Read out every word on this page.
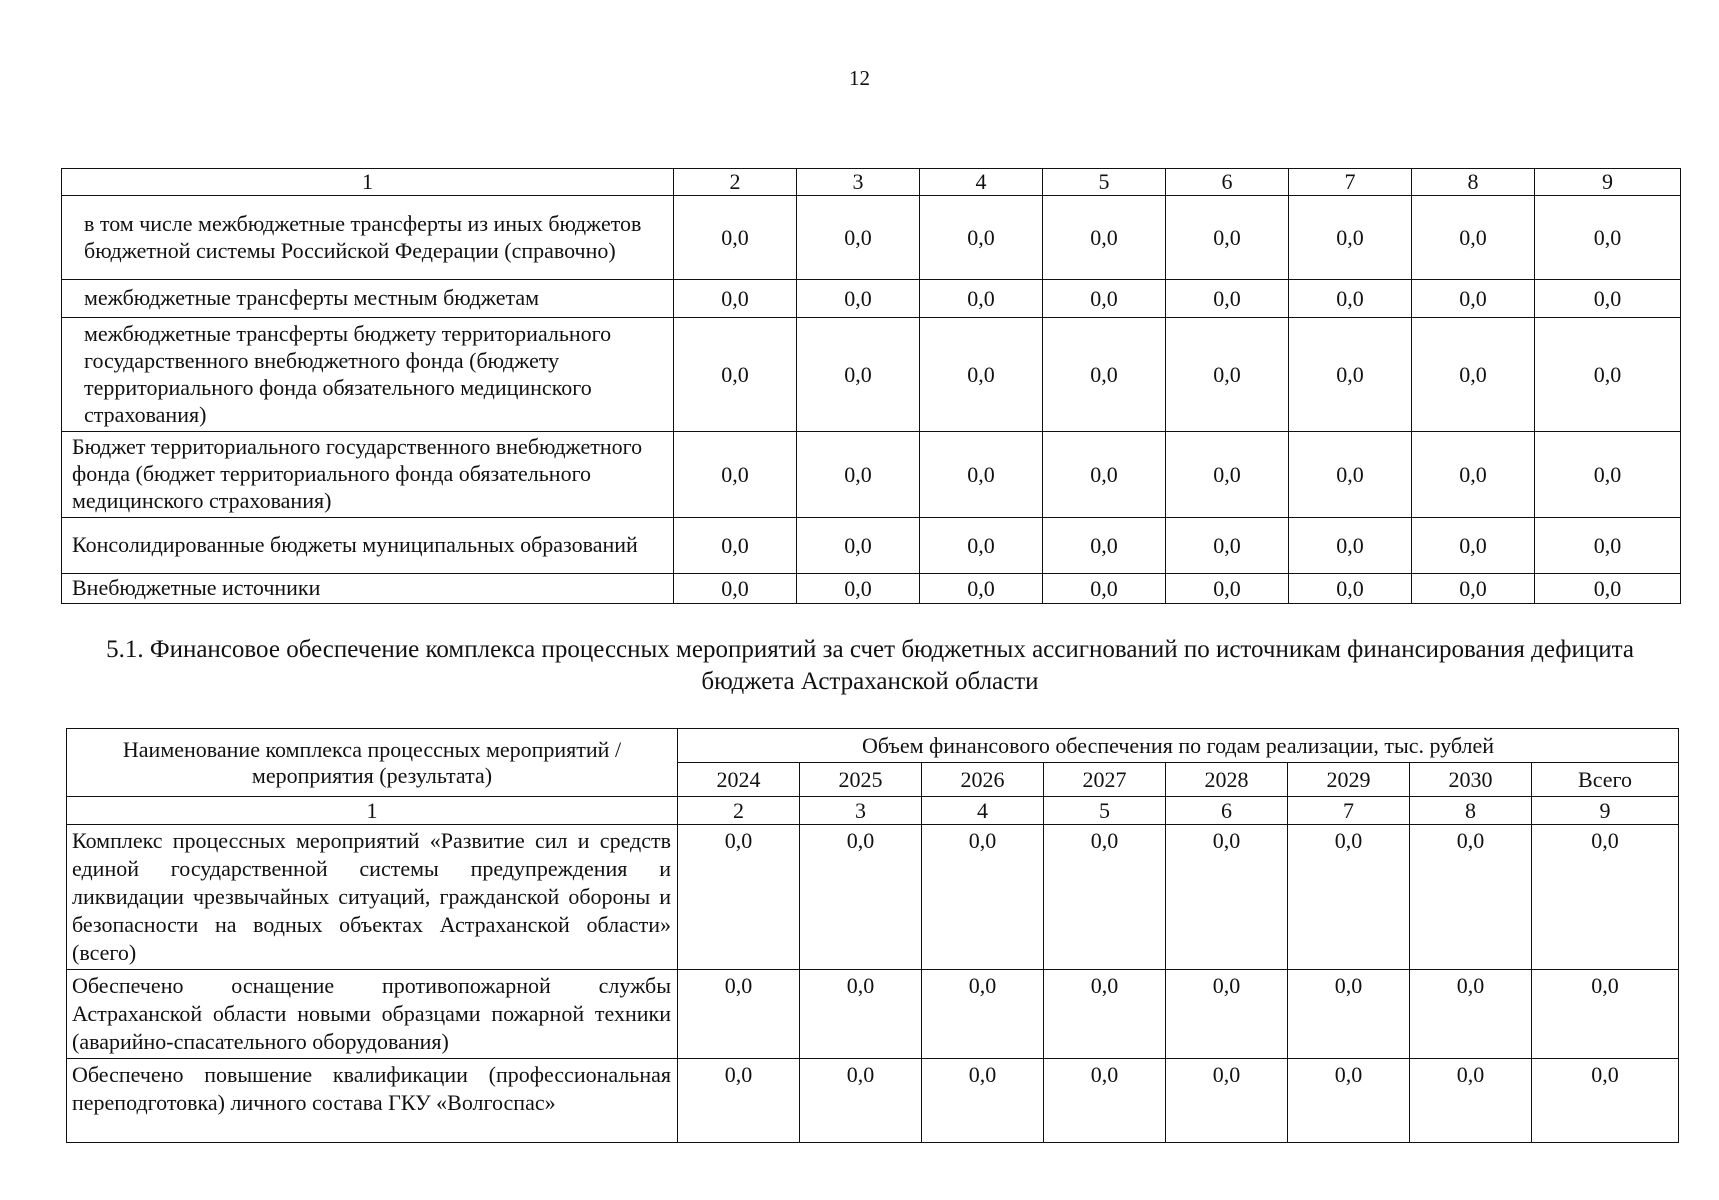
12
1	2	3	4	5	6	7	8	9
в том числе межбюджетные трансферты из иных бюджетов бюджетной системы Российской Федерации (справочно)	0,0	0,0	0,0	0,0	0,0	0,0	0,0	0,0
межбюджетные трансферты местным бюджетам	0,0	0,0	0,0	0,0	0,0	0,0	0,0	0,0
межбюджетные трансферты бюджету территориального государственного внебюджетного фонда (бюджету территориального фонда обязательного медицинского страхования)	0,0	0,0	0,0	0,0	0,0	0,0	0,0	0,0
Бюджет территориального государственного внебюджетного фонда (бюджет территориального фонда обязательного медицинского страхования)	0,0	0,0	0,0	0,0	0,0	0,0	0,0	0,0
Консолидированные бюджеты муниципальных образований	0,0	0,0	0,0	0,0	0,0	0,0	0,0	0,0
Внебюджетные источники	0,0	0,0	0,0	0,0	0,0	0,0	0,0	0,0
5.1. Финансовое обеспечение комплекса процессных мероприятий за счет бюджетных ассигнований по источникам финансирования дефицита бюджета Астраханской области
Наименование комплекса процессных мероприятий / мероприятия (результата)	Объем финансового обеспечения по годам реализации, тыс. рублей							
	2024	2025	2026	2027	2028	2029	2030	Всего
1	2	3	4	5	6	7	8	9
Комплекс процессных мероприятий «Развитие сил и средств единой государственной системы предупреждения и ликвидации чрезвычайных ситуаций, гражданской обороны и безопасности на водных объектах Астраханской области» (всего)	0,0	0,0	0,0	0,0	0,0	0,0	0,0	0,0
Обеспечено оснащение противопожарной службы Астраханской области новыми образцами пожарной техники (аварийно-спасательного оборудования)	0,0	0,0	0,0	0,0	0,0	0,0	0,0	0,0
Обеспечено повышение квалификации (профессиональная переподготовка) личного состава ГКУ «Волгоспас»	0,0	0,0	0,0	0,0	0,0	0,0	0,0	0,0
